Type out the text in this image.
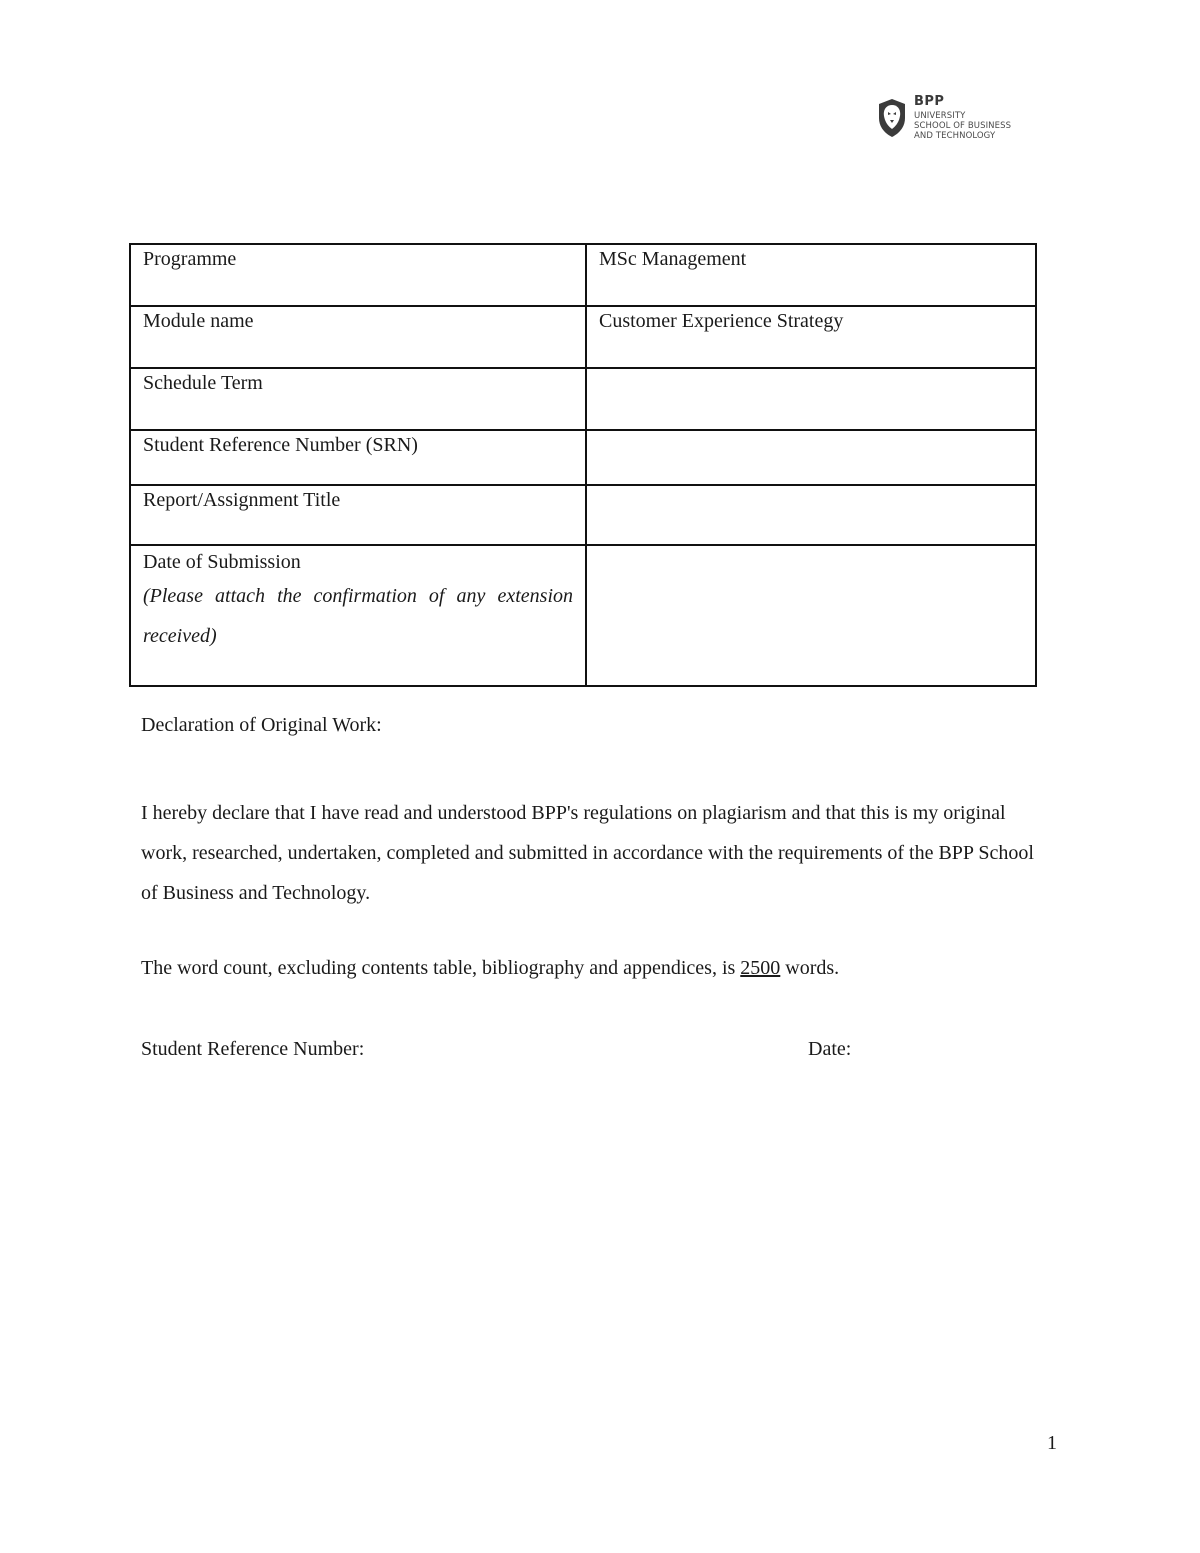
BPP
UNIVERSITY
SCHOOL OF BUSINESS
AND TECHNOLOGY
Programme	MSc Management
Module name	Customer Experience Strategy
Schedule Term	
Student Reference Number (SRN)	
Report/Assignment Title	

Date of Submission
(Please attach the confirmation of any extension received)	

Declaration of Original Work:
I hereby declare that I have read and understood BPP's regulations on plagiarism and that this is my original work, researched, undertaken, completed and submitted in accordance with the requirements of the BPP School of Business and Technology.
The word count, excluding contents table, bibliography and appendices, is 2500 words.
Student Reference Number:	Date:
1
